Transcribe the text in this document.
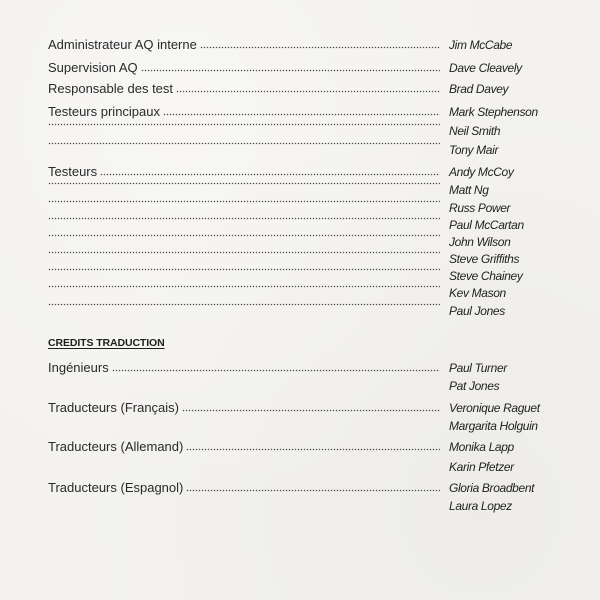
Administrateur AQ interne	Jim McCabe
Supervision AQ	Dave Cleavely
Responsable des test	Brad Davey
Testeurs principaux	Mark Stephenson
Neil Smith
Tony Mair
Testeurs	Andy McCoy
Matt Ng
Russ Power
Paul McCartan
John Wilson
Steve Griffiths
Steve Chainey
Kev Mason
Paul Jones
CREDITS TRADUCTION
Ingénieurs	Paul Turner
Pat Jones
Traducteurs (Français)	Veronique Raguet
Margarita Holguin
Traducteurs (Allemand)	Monika Lapp
Karin Pfetzer
Traducteurs (Espagnol)	Gloria Broadbent
Laura Lopez
